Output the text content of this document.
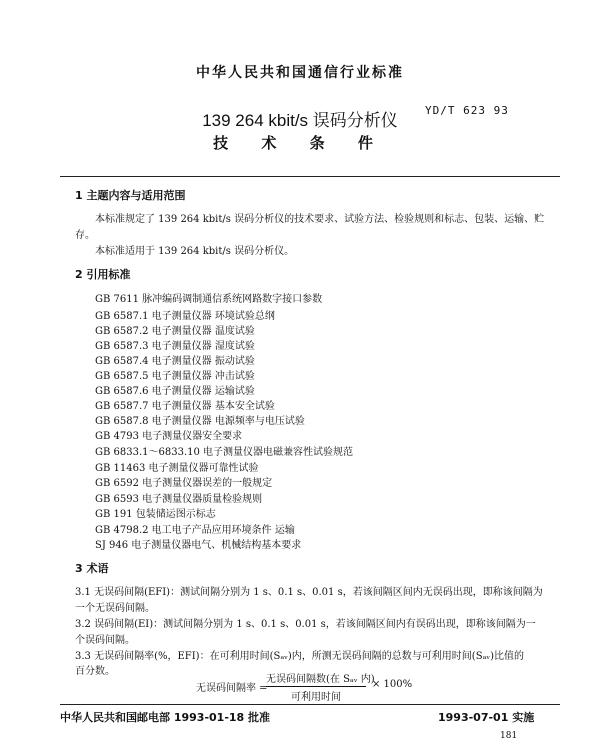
中华人民共和国通信行业标准
139 264 kbit/s 误码分析仪
YD/T 623 93
技 术 条 件
1 主题内容与适用范围
本标准规定了 139 264 kbit/s 误码分析仪的技术要求、试验方法、检验规则和标志、包装、运输、贮
存。
本标准适用于 139 264 kbit/s 误码分析仪。
2 引用标准
GB 7611 脉冲编码调制通信系统网路数字接口参数
GB 6587.1 电子测量仪器 环境试验总纲
GB 6587.2 电子测量仪器 温度试验
GB 6587.3 电子测量仪器 湿度试验
GB 6587.4 电子测量仪器 振动试验
GB 6587.5 电子测量仪器 冲击试验
GB 6587.6 电子测量仪器 运输试验
GB 6587.7 电子测量仪器 基本安全试验
GB 6587.8 电子测量仪器 电源频率与电压试验
GB 4793 电子测量仪器安全要求
GB 6833.1～6833.10 电子测量仪器电磁兼容性试验规范
GB 11463 电子测量仪器可靠性试验
GB 6592 电子测量仪器误差的一般规定
GB 6593 电子测量仪器质量检验规则
GB 191 包装储运图示标志
GB 4798.2 电工电子产品应用环境条件 运输
SJ 946 电子测量仪器电气、机械结构基本要求
3 术语
3.1 无误码间隔(EFI)：测试间隔分别为 1 s、0.1 s、0.01 s，若该间隔区间内无误码出现，即称该间隔为
一个无误码间隔。
3.2 误码间隔(EI)：测试间隔分别为 1 s、0.1 s、0.01 s，若该间隔区间内有误码出现，即称该间隔为一
个误码间隔。
3.3 无误码间隔率(%，EFI)：在可利用时间(Sₐᵥ)内，所测无误码间隔的总数与可利用时间(Sₐᵥ)比值的
百分数。
无误码间隔率 =
无误码间隔数(在 Sₐᵥ 内)
可利用时间
× 100%
中华人民共和国邮电部 1993-01-18 批准	1993-07-01 实施
181
